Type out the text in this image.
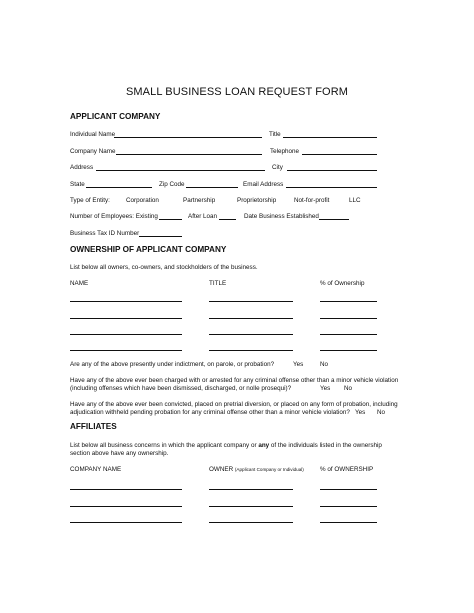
SMALL BUSINESS LOAN REQUEST FORM
APPLICANT COMPANY
Individual Name	Title
Company Name	Telephone
Address	City
State	Zip Code	Email Address
Type of Entity:	Corporation	Partnership	Proprietorship	Not-for-profit	LLC
Number of Employees: Existing	After Loan	Date Business Established
Business Tax ID Number
OWNERSHIP OF APPLICANT COMPANY
List below all owners, co-owners, and stockholders of the business.
NAME	TITLE	% of Ownership
Are any of the above presently under indictment, on parole, or probation?	Yes	No
Have any of the above ever been charged with or arrested for any criminal offense other than a minor vehicle violation
(including offenses which have been dismissed, discharged, or nolle prosequi)?	Yes No
Have any of the above ever been convicted, placed on pretrial diversion, or placed on any form of probation, including
adjudication withheld pending probation for any criminal offense other than a minor vehicle violation? Yes No
AFFILIATES
List below all business concerns in which the applicant company or any of the individuals listed in the ownership
section above have any ownership.
COMPANY NAME	OWNER (Applicant Company or Individual)	% of OWNERSHIP
